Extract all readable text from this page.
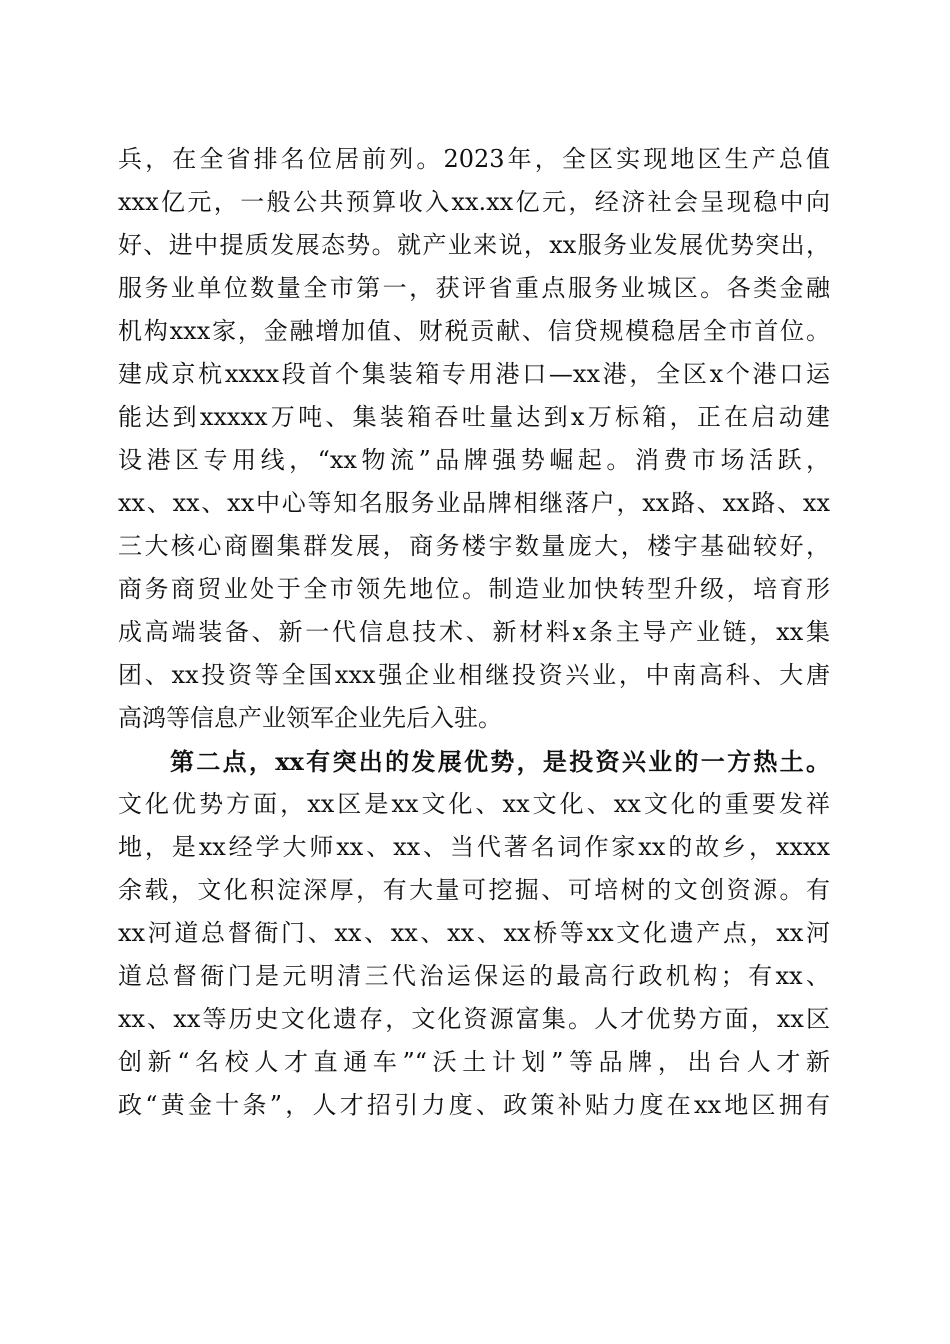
兵，在全省排名位居前列。2023年，全区实现地区生产总值
xxx亿元，一般公共预算收入xx.xx亿元，经济社会呈现稳中向
好、进中提质发展态势。就产业来说，xx服务业发展优势突出，
服务业单位数量全市第一，获评省重点服务业城区。各类金融
机构xxx家，金融增加值、财税贡献、信贷规模稳居全市首位。
建成京杭xxxx段首个集装箱专用港口—xx港，全区x个港口运
能达到xxxxx万吨、集装箱吞吐量达到x万标箱，正在启动建
设港区专用线，“xx物流”品牌强势崛起。消费市场活跃，
xx、xx、xx中心等知名服务业品牌相继落户，xx路、xx路、xx
三大核心商圈集群发展，商务楼宇数量庞大，楼宇基础较好，
商务商贸业处于全市领先地位。制造业加快转型升级，培育形
成高端装备、新一代信息技术、新材料x条主导产业链，xx集
团、xx投资等全国xxx强企业相继投资兴业，中南高科、大唐
高鸿等信息产业领军企业先后入驻。
第二点，xx有突出的发展优势，是投资兴业的一方热土。
文化优势方面，xx区是xx文化、xx文化、xx文化的重要发祥
地，是xx经学大师xx、xx、当代著名词作家xx的故乡，xxxx
余载，文化积淀深厚，有大量可挖掘、可培树的文创资源。有
xx河道总督衙门、xx、xx、xx、xx桥等xx文化遗产点，xx河
道总督衙门是元明清三代治运保运的最高行政机构；有xx、
xx、xx等历史文化遗存，文化资源富集。人才优势方面，xx区
创新“名校人才直通车”“沃土计划”等品牌，出台人才新
政“黄金十条”，人才招引力度、政策补贴力度在xx地区拥有
